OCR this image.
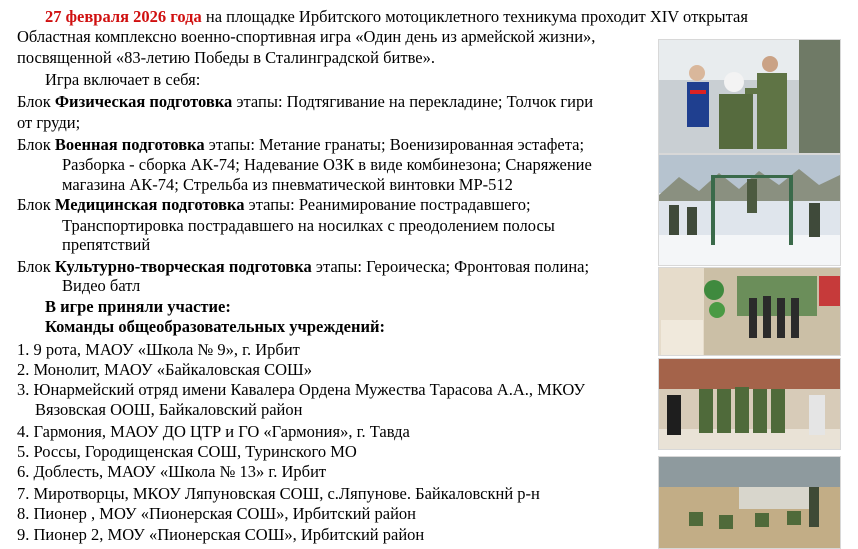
27 февраля 2026 года на площадке Ирбитского мотоциклетного техникума проходит XIV открытая
Областная комплексно военно-спортивная игра «Один день из армейской жизни»,
посвященной «83-летию Победы в Сталинградской битве».
Игра включает в себя:
Блок Физическая подготовка этапы: Подтягивание на перекладине; Толчок гири
от груди;
Блок Военная подготовка этапы: Метание гранаты; Военизированная эстафета;
Разборка - сборка АК-74; Надевание ОЗК в виде комбинезона; Снаряжение
магазина АК-74; Стрельба из пневматической винтовки МР-512
Блок Медицинская подготовка этапы: Реанимирование пострадавшего;
Транспортировка пострадавшего на носилках с преодолением полосы
препятствий
Блок Культурно-творческая подготовка этапы: Героическа; Фронтовая полина;
Видео батл
В игре приняли участие:
Команды общеобразовательных учреждений:
1. 9 рота, МАОУ «Школа № 9», г. Ирбит
2. Монолит, МАОУ «Байкаловская СОШ»
3. Юнармейский отряд имени Кавалера Ордена Мужества Тарасова А.А., МКОУ
Вязовская ООШ, Байкаловский район
4. Гармония, МАОУ ДО ЦТР и ГО «Гармония», г. Тавда
5. Россы, Городищенская СОШ, Туринского МО
6. Доблесть, МАОУ «Школа № 13» г. Ирбит
7. Миротворцы, МКОУ Ляпуновская СОШ, с.Ляпунове. Байкаловскнй р-н
8. Пионер , МОУ «Пионерская СОШ», Ирбитский район
9. Пионер 2, МОУ «Пионерская СОШ», Ирбитский район
